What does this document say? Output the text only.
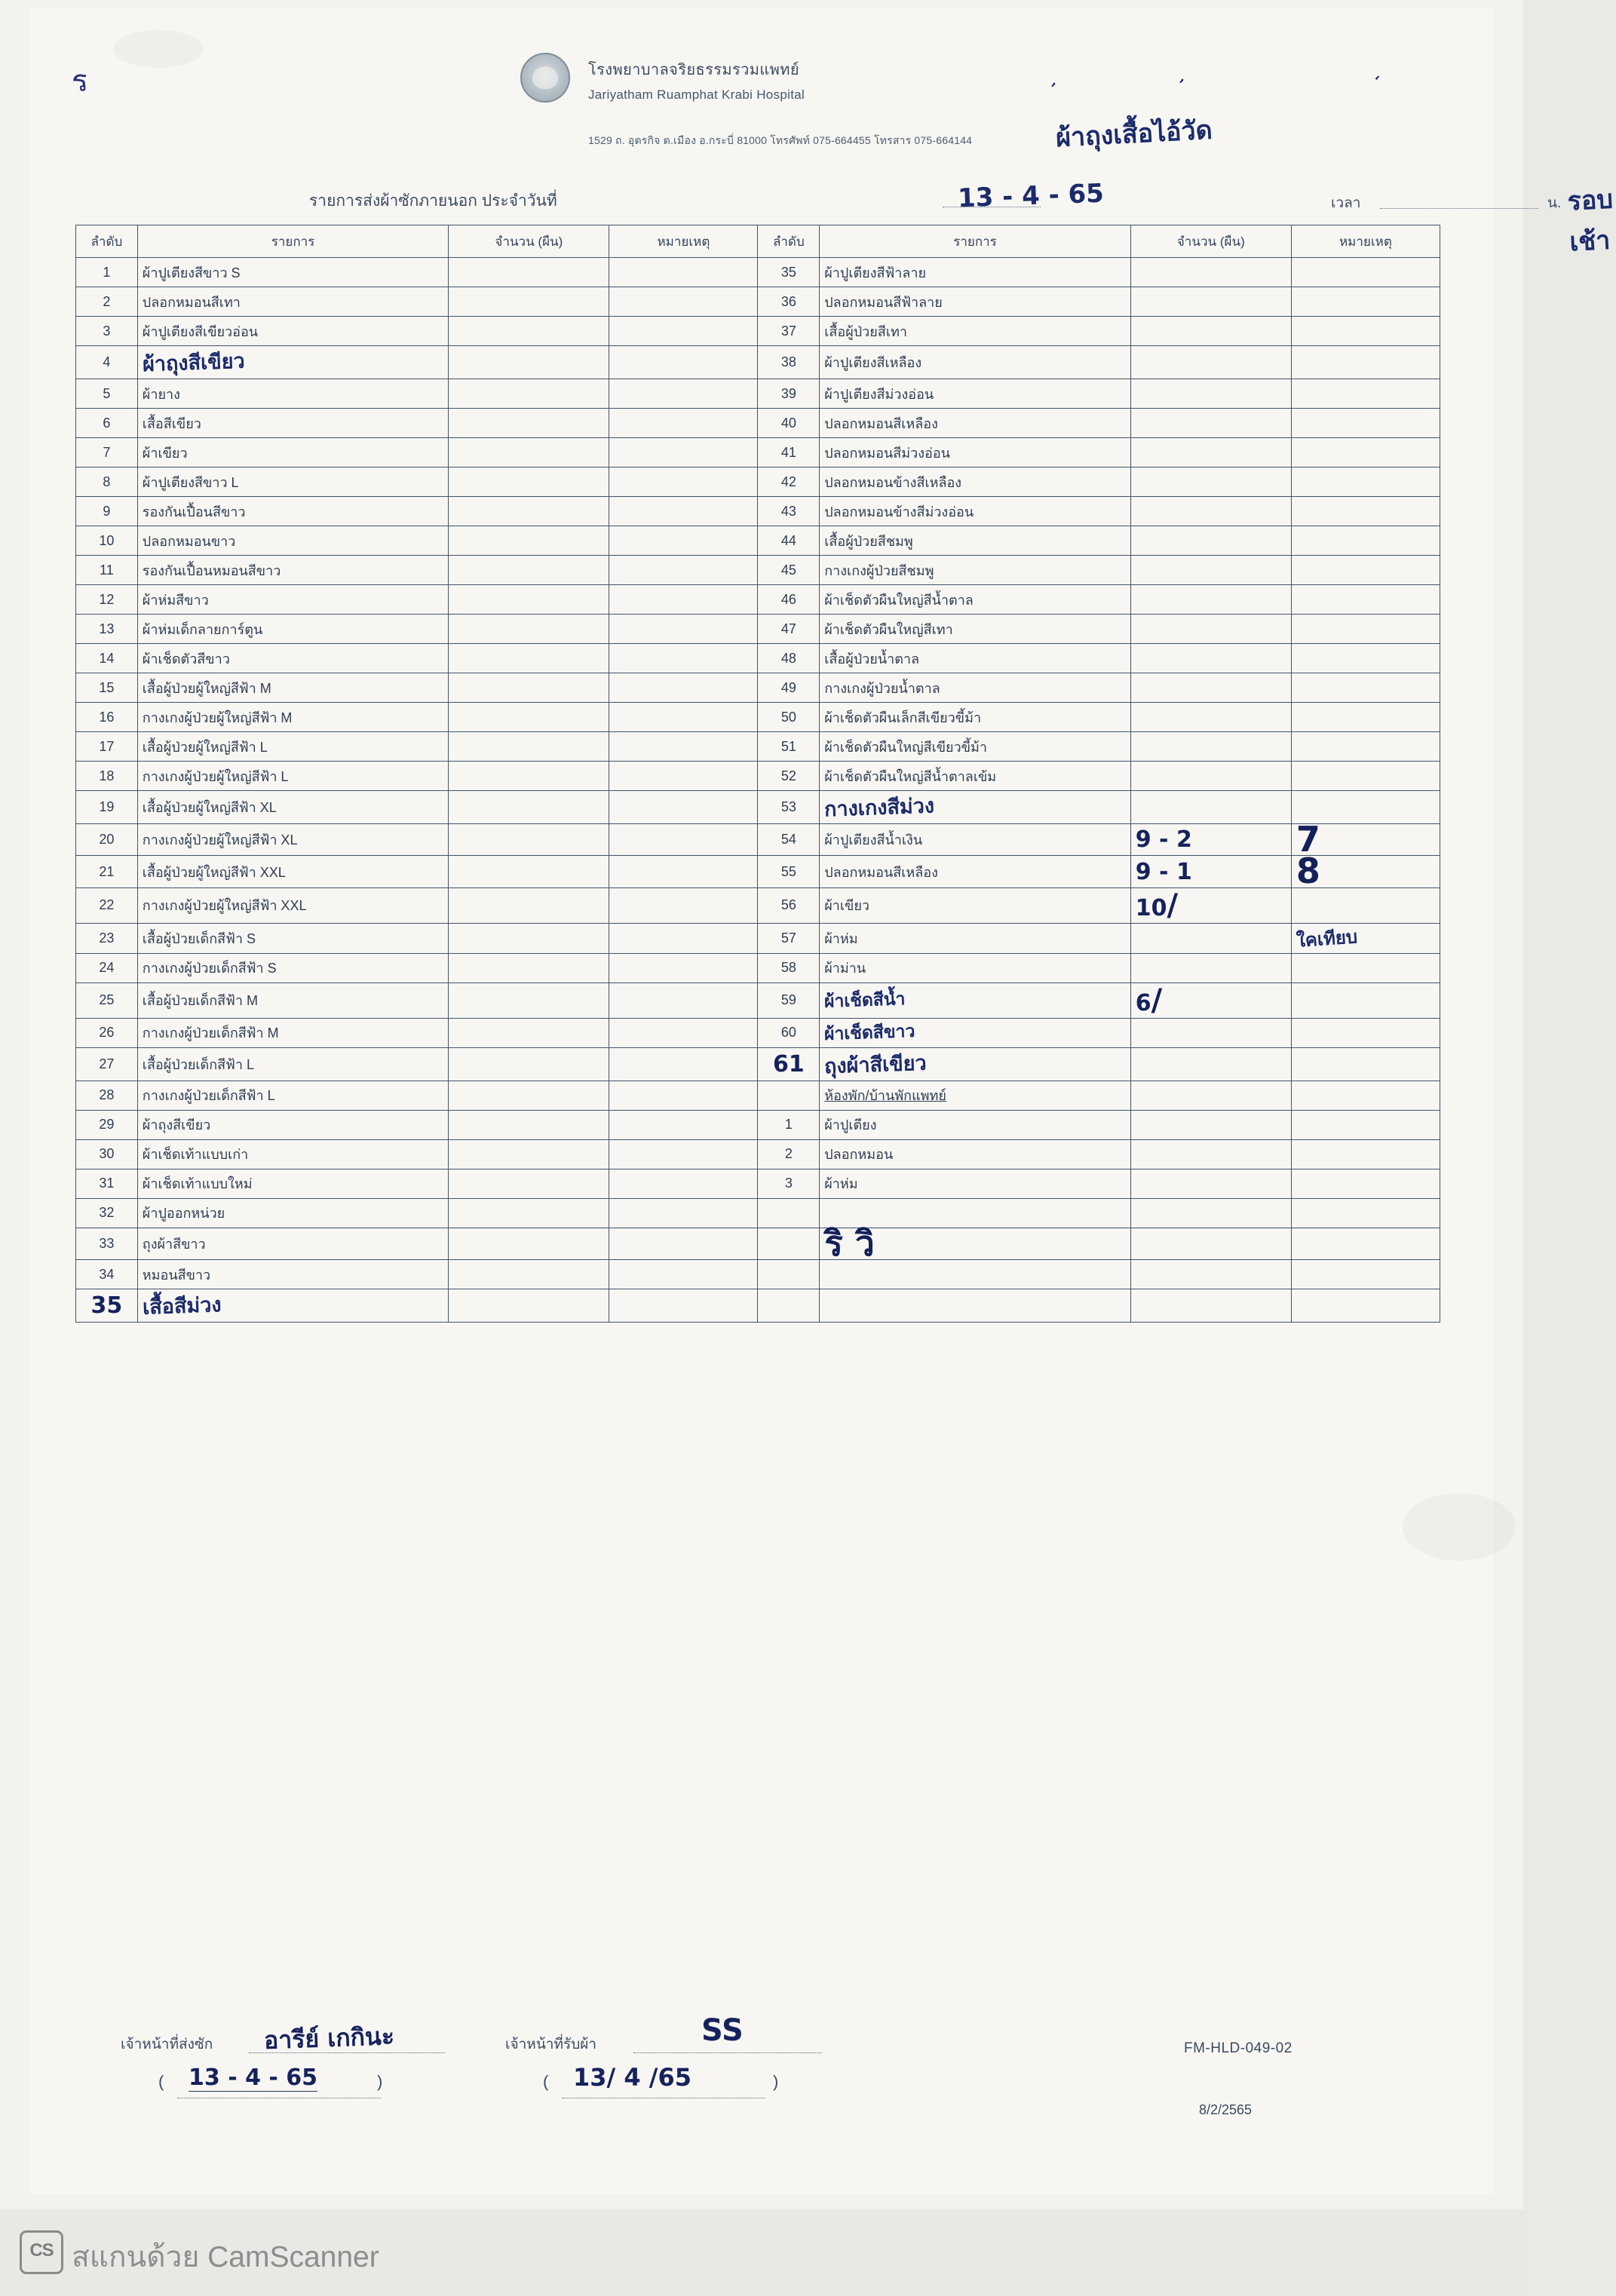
โรงพยาบาลจริยธรรมรวมแพทย์
Jariyatham Ruamphat Krabi Hospital
1529 ถ. อุตรกิจ ต.เมือง อ.กระบี่ 81000 โทรศัพท์ 075-664455 โทรสาร 075-664144
ร	ʼ	ʼ	ʻ
ผ้าถุงเสื้อไอ้วัด
รายการส่งผ้าซักภายนอก ประจำวันที่	13 - 4 - 65	เวลา	น. รอบเช้า
ลำดับ	รายการ	จำนวน (ผืน)	หมายเหตุ	ลำดับ	รายการ	จำนวน (ผืน)	หมายเหตุ
1	ผ้าปูเตียงสีขาว S			35	ผ้าปูเตียงสีฟ้าลาย		
2	ปลอกหมอนสีเทา			36	ปลอกหมอนสีฟ้าลาย		
3	ผ้าปูเตียงสีเขียวอ่อน			37	เสื้อผู้ป่วยสีเทา		
4	ผ้าถุงสีเขียว			38	ผ้าปูเตียงสีเหลือง		
5	ผ้ายาง			39	ผ้าปูเตียงสีม่วงอ่อน		
6	เสื้อสีเขียว			40	ปลอกหมอนสีเหลือง		
7	ผ้าเขียว			41	ปลอกหมอนสีม่วงอ่อน		
8	ผ้าปูเตียงสีขาว L			42	ปลอกหมอนข้างสีเหลือง		
9	รองกันเปื้อนสีขาว			43	ปลอกหมอนข้างสีม่วงอ่อน		
10	ปลอกหมอนขาว			44	เสื้อผู้ป่วยสีชมพู		
11	รองกันเปื้อนหมอนสีขาว			45	กางเกงผู้ป่วยสีชมพู		
12	ผ้าห่มสีขาว			46	ผ้าเช็ดตัวผืนใหญ่สีน้ำตาล		
13	ผ้าห่มเด็กลายการ์ตูน			47	ผ้าเช็ดตัวผืนใหญ่สีเทา		
14	ผ้าเช็ดตัวสีขาว			48	เสื้อผู้ป่วยน้ำตาล		
15	เสื้อผู้ป่วยผู้ใหญ่สีฟ้า M			49	กางเกงผู้ป่วยน้ำตาล		
16	กางเกงผู้ป่วยผู้ใหญ่สีฟ้า M			50	ผ้าเช็ดตัวผืนเล็กสีเขียวขี้ม้า		
17	เสื้อผู้ป่วยผู้ใหญ่สีฟ้า L			51	ผ้าเช็ดตัวผืนใหญ่สีเขียวขี้ม้า		
18	กางเกงผู้ป่วยผู้ใหญ่สีฟ้า L			52	ผ้าเช็ดตัวผืนใหญ่สีน้ำตาลเข้ม		
19	เสื้อผู้ป่วยผู้ใหญ่สีฟ้า XL			53	กางเกงสีม่วง		
20	กางเกงผู้ป่วยผู้ใหญ่สีฟ้า XL			54	ผ้าปูเตียงสีน้ำเงิน	9 - 2	7
21	เสื้อผู้ป่วยผู้ใหญ่สีฟ้า XXL			55	ปลอกหมอนสีเหลือง	9 - 1	8
22	กางเกงผู้ป่วยผู้ใหญ่สีฟ้า XXL			56	ผ้าเขียว	10/	
23	เสื้อผู้ป่วยเด็กสีฟ้า S			57	ผ้าห่ม		ใคเทียบ
24	กางเกงผู้ป่วยเด็กสีฟ้า S			58	ผ้าม่าน		
25	เสื้อผู้ป่วยเด็กสีฟ้า M			59	ผ้าเช็ดสีน้ำ	6/	
26	กางเกงผู้ป่วยเด็กสีฟ้า M			60	ผ้าเช็ดสีขาว		
27	เสื้อผู้ป่วยเด็กสีฟ้า L			61	ถุงผ้าสีเขียว		
28	กางเกงผู้ป่วยเด็กสีฟ้า L				ห้องพัก/บ้านพักแพทย์		
29	ผ้าถุงสีเขียว			1	ผ้าปูเตียง		
30	ผ้าเช็ดเท้าแบบเก่า			2	ปลอกหมอน		
31	ผ้าเช็ดเท้าแบบใหม่			3	ผ้าห่ม		
32	ผ้าปูออกหน่วย						
33	ถุงผ้าสีขาว				ริ วิ		
34	หมอนสีขาว						
35	เสื้อสีม่วง						
เจ้าหน้าที่ส่งซัก อารีย์ เกกินะ
( 13 - 4 - 65	)
เจ้าหน้าที่รับผ้า	SS
( 13/ 4 /65	)
FM-HLD-049-02
8/2/2565
CS สแกนด้วย CamScanner
